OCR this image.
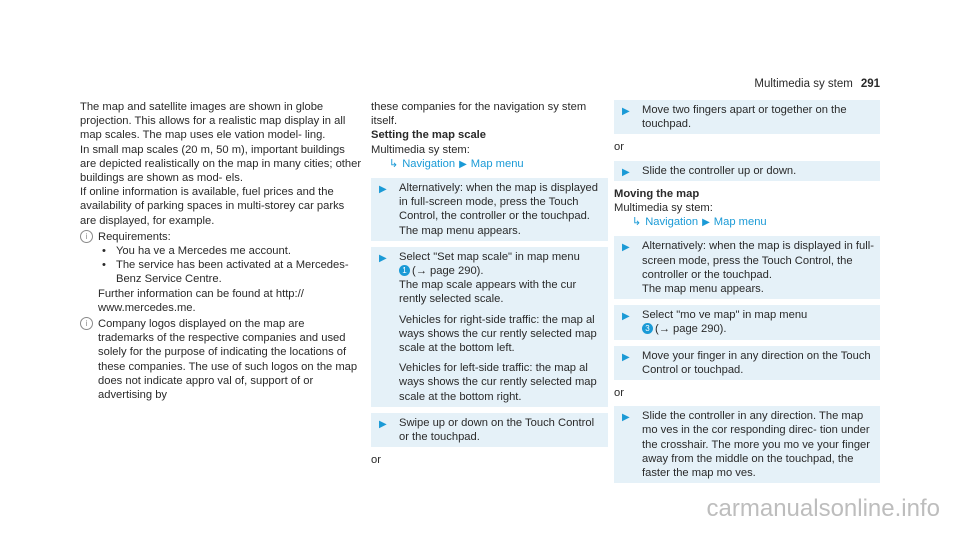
Multimedia sy stem 291

The map and satellite images are shown in globe projection. This allows for a realistic map display in all map scales. The map uses ele vation model- ling.

In small map scales (20 m, 50 m), important buildings are depicted realistically on the map in many cities; other buildings are shown as mod- els.

If online information is available, fuel prices and the availability of parking spaces in multi-storey car parks are displayed, for example.

i Requirements:
• You ha ve a Mercedes me account.
• The service has been activated at a Mercedes-Benz Service Centre.
Further information can be found at http:// www.mercedes.me.
i Company logos displayed on the map are trademarks of the respective companies and used solely for the purpose of indicating the locations of these companies. The use of such logos on the map does not indicate appro val of, support of or advertising by

these companies for the navigation sy stem itself.

Setting the map scale

Multimedia sy stem:

↳ Navigation ▶ Map menu

▶ Alternatively: when the map is displayed in full-screen mode, press the Touch Control, the controller or the touchpad.
The map menu appears.
▶ Select "Set map scale" in map menu
1 (→ page 290).
The map scale appears with the cur rently selected scale.
Vehicles for right-side traffic: the map al ways shows the cur rently selected map scale at the bottom left.
Vehicles for left-side traffic: the map al ways shows the cur rently selected map scale at the bottom right.
▶ Swipe up or down on the Touch Control or the touchpad.

or

▶ Move two fingers apart or together on the touchpad.

or

▶ Slide the controller up or down.

Moving the map

Multimedia sy stem:

↳ Navigation ▶ Map menu

▶ Alternatively: when the map is displayed in full-screen mode, press the Touch Control, the controller or the touchpad.
The map menu appears.
▶ Select "mo ve map" in map menu
3 (→ page 290).
▶ Move your finger in any direction on the Touch Control or touchpad.

or

▶ Slide the controller in any direction. The map mo ves in the cor responding direc- tion under the crosshair. The more you mo ve your finger away from the middle on the touchpad, the faster the map mo ves.
carmanualsonline.info
